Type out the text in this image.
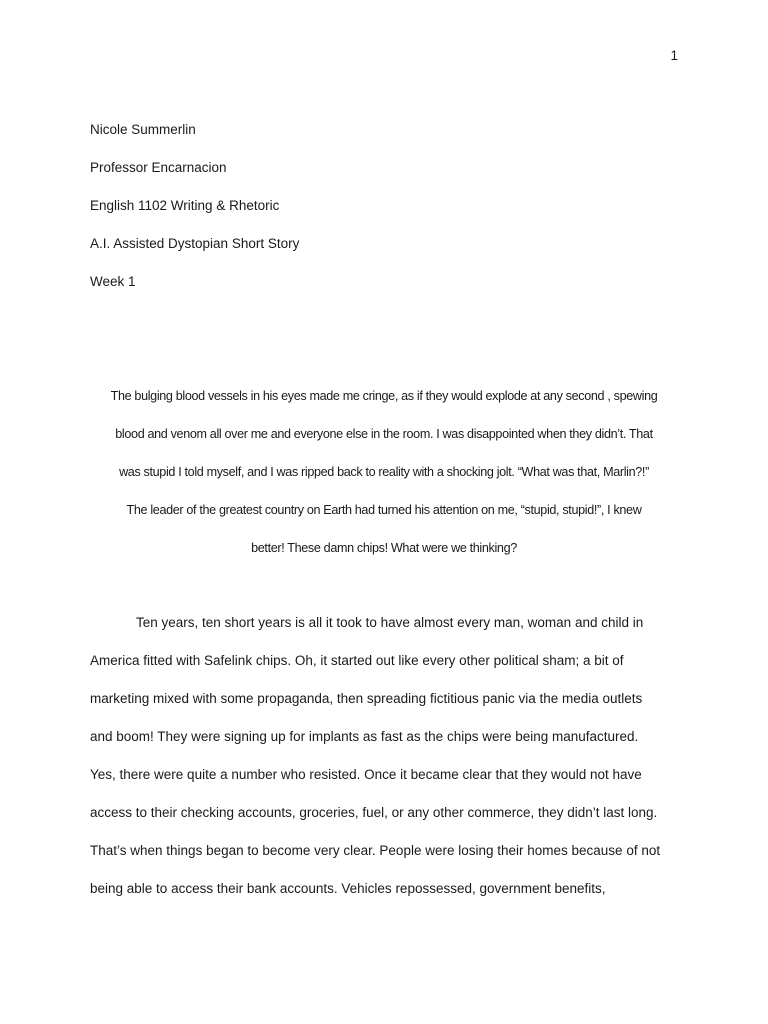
1
Nicole Summerlin
Professor Encarnacion
English 1102 Writing & Rhetoric
A.I. Assisted Dystopian Short Story
Week 1
The bulging blood vessels in his eyes made me cringe, as if they would explode at any second , spewing
blood and venom all over me and everyone else in the room. I was disappointed when they didn’t. That
was stupid I told myself, and I was ripped back to reality with a shocking jolt. “What was that, Marlin?!”
The leader of the greatest country on Earth had turned his attention on me, “stupid, stupid!”, I knew
better! These damn chips! What were we thinking?
Ten years, ten short years is all it took to have almost every man, woman and child in
America fitted with Safelink chips. Oh, it started out like every other political sham; a bit of
marketing mixed with some propaganda, then spreading fictitious panic via the media outlets
and boom! They were signing up for implants as fast as the chips were being manufactured.
Yes, there were quite a number who resisted. Once it became clear that they would not have
access to their checking accounts, groceries, fuel, or any other commerce, they didn’t last long.
That’s when things began to become very clear. People were losing their homes because of not
being able to access their bank accounts. Vehicles repossessed, government benefits,
